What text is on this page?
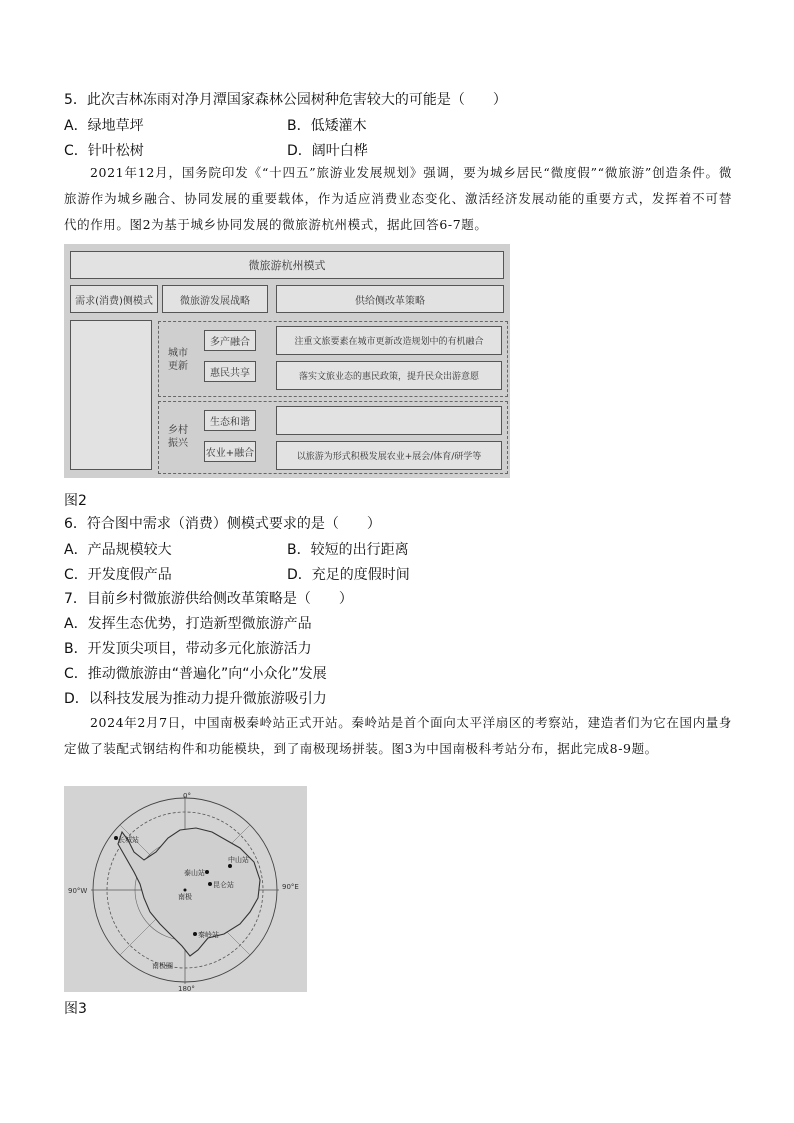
5．此次吉林冻雨对净月潭国家森林公园树种危害较大的可能是（　　）
A．绿地草坪	B．低矮灌木
C．针叶松树	D．阔叶白桦
2021年12月，国务院印发《“十四五”旅游业发展规划》强调，要为城乡居民“微度假”“微旅游”创造条件。微旅游作为城乡融合、协同发展的重要载体，作为适应消费业态变化、激活经济发展动能的重要方式，发挥着不可替代的作用。图2为基于城乡协同发展的微旅游杭州模式，据此回答6-7题。
微旅游杭州模式
需求(消费)侧模式	微旅游发展战略	供给侧改革策略
城市更新
多产融合
惠民共享
注重文旅要素在城市更新改造规划中的有机融合
落实文旅业态的惠民政策，提升民众出游意愿
乡村振兴
生态和谐
农业+融合	以旅游为形式积极发展农业+展会/体育/研学等
图2
6．符合图中需求（消费）侧模式要求的是（　　）
A．产品规模较大	B．较短的出行距离
C．开发度假产品	D．充足的度假时间
7．目前乡村微旅游供给侧改革策略是（　　）
A．发挥生态优势，打造新型微旅游产品
B．开发顶尖项目，带动多元化旅游活力
C．推动微旅游由“普遍化”向“小众化”发展
D．以科技发展为推动力提升微旅游吸引力
2024年2月7日，中国南极秦岭站正式开站。秦岭站是首个面向太平洋扇区的考察站，建造者们为它在国内量身定做了装配式钢结构件和功能模块，到了南极现场拼装。图3为中国南极科考站分布，据此完成8-9题。
0°
180°
90°W	90°E
长城站
中山站
泰山站
昆仑站
秦岭站
南极
南极圈
图3
